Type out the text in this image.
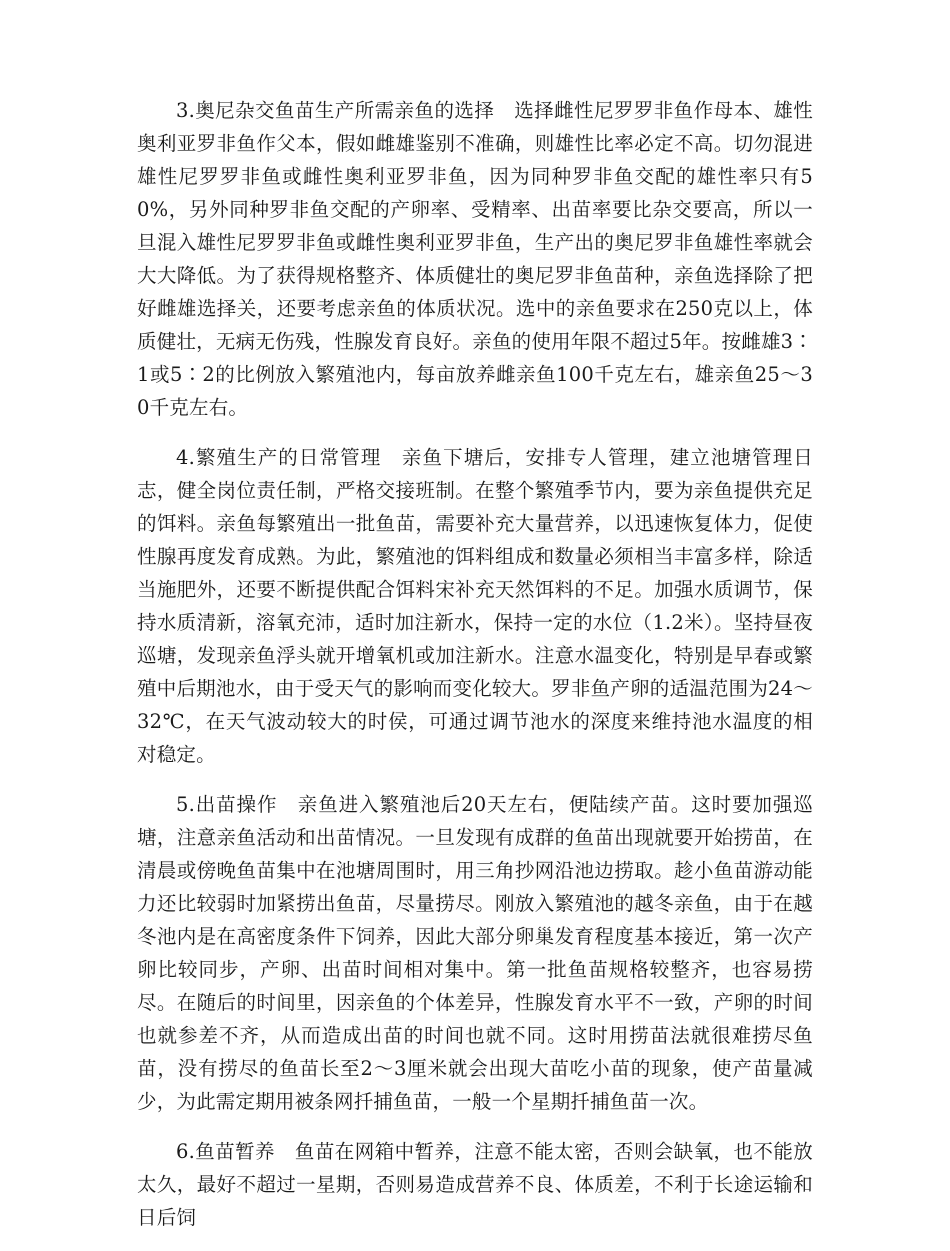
3.奥尼杂交鱼苗生产所需亲鱼的选择　选择雌性尼罗罗非鱼作母本、雄性奥利亚罗非鱼作父本，假如雌雄鉴别不准确，则雄性比率必定不高。切勿混进雄性尼罗罗非鱼或雌性奥利亚罗非鱼，因为同种罗非鱼交配的雄性率只有50%，另外同种罗非鱼交配的产卵率、受精率、出苗率要比杂交要高，所以一旦混入雄性尼罗罗非鱼或雌性奥利亚罗非鱼，生产出的奥尼罗非鱼雄性率就会大大降低。为了获得规格整齐、体质健壮的奥尼罗非鱼苗种，亲鱼选择除了把好雌雄选择关，还要考虑亲鱼的体质状况。选中的亲鱼要求在250克以上，体质健壮，无病无伤残，性腺发育良好。亲鱼的使用年限不超过5年。按雌雄3∶1或5∶2的比例放入繁殖池内，每亩放养雌亲鱼100千克左右，雄亲鱼25～30千克左右。

4.繁殖生产的日常管理　亲鱼下塘后，安排专人管理，建立池塘管理日志，健全岗位责任制，严格交接班制。在整个繁殖季节内，要为亲鱼提供充足的饵料。亲鱼每繁殖出一批鱼苗，需要补充大量营养，以迅速恢复体力，促使性腺再度发育成熟。为此，繁殖池的饵料组成和数量必须相当丰富多样，除适当施肥外，还要不断提供配合饵料宋补充天然饵料的不足。加强水质调节，保持水质清新，溶氧充沛，适时加注新水，保持一定的水位（1.2米）。坚持昼夜巡塘，发现亲鱼浮头就开增氧机或加注新水。注意水温变化，特别是早春或繁殖中后期池水，由于受天气的影响而变化较大。罗非鱼产卵的适温范围为24～32℃，在天气波动较大的时侯，可通过调节池水的深度来维持池水温度的相对稳定。

5.出苗操作　亲鱼进入繁殖池后20天左右，便陆续产苗。这时要加强巡塘，注意亲鱼活动和出苗情况。一旦发现有成群的鱼苗出现就要开始捞苗，在清晨或傍晚鱼苗集中在池塘周围时，用三角抄网沿池边捞取。趁小鱼苗游动能力还比较弱时加紧捞出鱼苗，尽量捞尽。刚放入繁殖池的越冬亲鱼，由于在越冬池内是在高密度条件下饲养，因此大部分卵巢发育程度基本接近，第一次产卵比较同步，产卵、出苗时间相对集中。第一批鱼苗规格较整齐，也容易捞尽。在随后的时间里，因亲鱼的个体差异，性腺发育水平不一致，产卵的时间也就参差不齐，从而造成出苗的时间也就不同。这时用捞苗法就很难捞尽鱼苗，没有捞尽的鱼苗长至2～3厘米就会出现大苗吃小苗的现象，使产苗量减少，为此需定期用被条网扦捕鱼苗，一般一个星期扦捕鱼苗一次。

6.鱼苗暂养　鱼苗在网箱中暂养，注意不能太密，否则会缺氧，也不能放太久，最好不超过一星期，否则易造成营养不良、体质差，不利于长途运输和日后饲
